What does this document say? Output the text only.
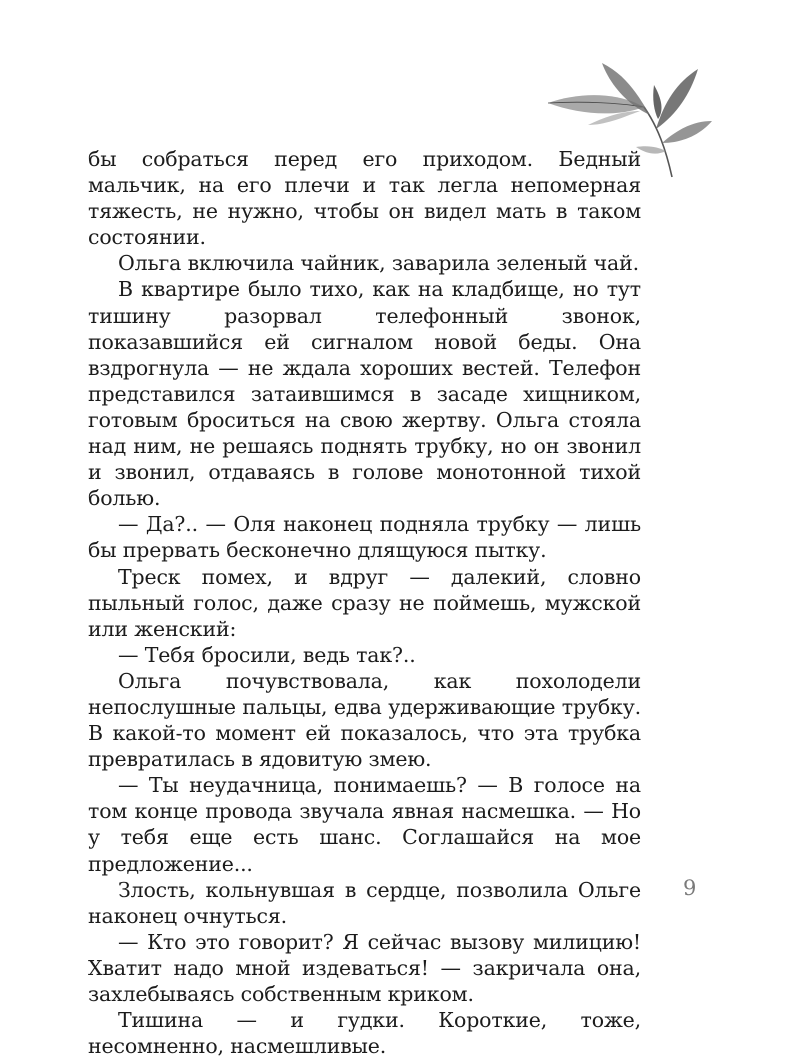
бы собраться перед его приходом. Бедный мальчик, на его плечи и так легла непомерная тяжесть, не нужно, чтобы он видел мать в таком состоянии.

Ольга включила чайник, заварила зеленый чай.

В квартире было тихо, как на кладбище, но тут тишину разорвал телефонный звонок, показавшийся ей сигналом новой беды. Она вздрогнула — не ждала хороших вестей. Телефон представился затаившимся в засаде хищником, готовым броситься на свою жертву. Ольга стояла над ним, не решаясь поднять трубку, но он звонил и звонил, отдаваясь в голове монотонной тихой болью.

— Да?.. — Оля наконец подняла трубку — лишь бы прервать бесконечно длящуюся пытку.

Треск помех, и вдруг — далекий, словно пыльный голос, даже сразу не поймешь, мужской или женский:

— Тебя бросили, ведь так?..

Ольга почувствовала, как похолодели непослушные пальцы, едва удерживающие трубку. В какой-то момент ей показалось, что эта трубка превратилась в ядовитую змею.

— Ты неудачница, понимаешь? — В голосе на том конце провода звучала явная насмешка. — Но у тебя еще есть шанс. Соглашайся на мое предложение...

Злость, кольнувшая в сердце, позволила Ольге наконец очнуться.

— Кто это говорит? Я сейчас вызову милицию! Хватит надо мной издеваться! — закричала она, захлебываясь собственным криком.

Тишина — и гудки. Короткие, тоже, несомненно, насмешливые.

9
